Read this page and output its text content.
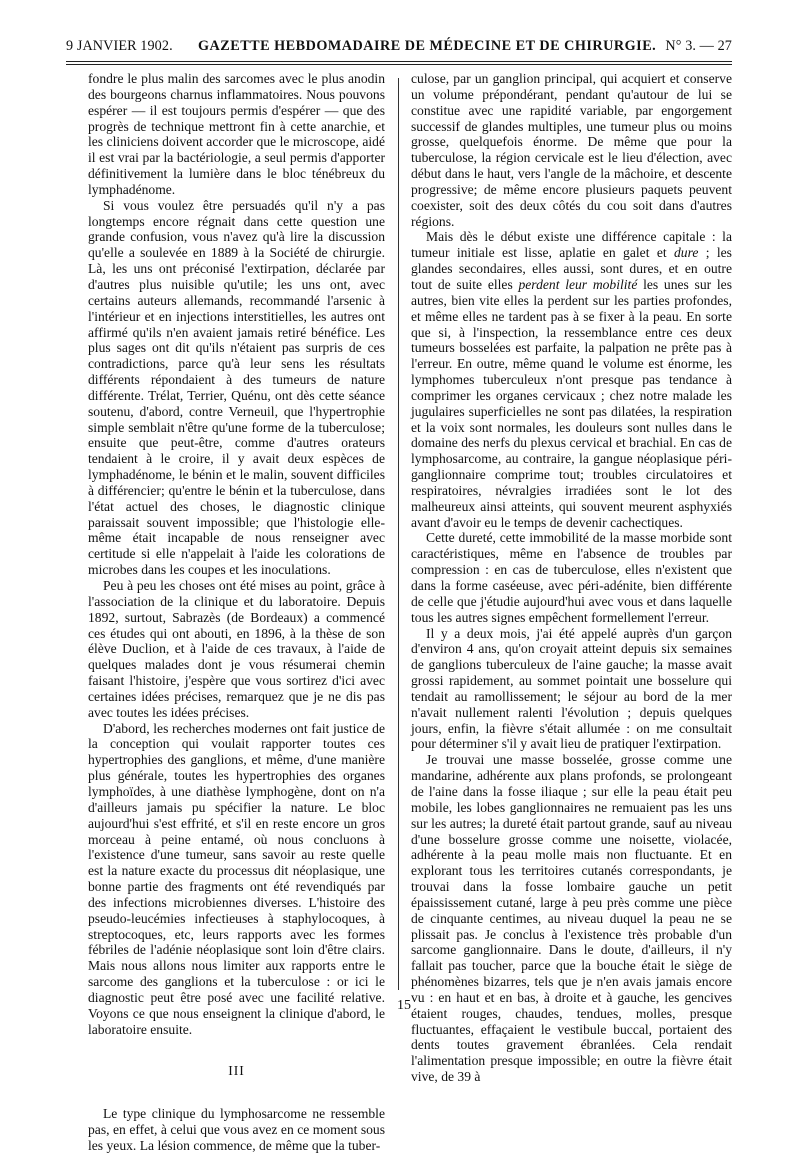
9 JANVIER 1902. GAZETTE HEBDOMADAIRE DE MÉDECINE ET DE CHIRURGIE. N° 3. — 27

fondre le plus malin des sarcomes avec le plus anodin des bourgeons charnus inflammatoires. Nous pouvons espérer — il est toujours permis d'espérer — que des progrès de technique mettront fin à cette anarchie, et les cliniciens doivent accorder que le microscope, aidé il est vrai par la bactériologie, a seul permis d'apporter définitivement la lumière dans le bloc ténébreux du lymphadénome.

Si vous voulez être persuadés qu'il n'y a pas longtemps encore régnait dans cette question une grande confusion, vous n'avez qu'à lire la discussion qu'elle a soulevée en 1889 à la Société de chirurgie. Là, les uns ont préconisé l'extirpation, déclarée par d'autres plus nuisible qu'utile; les uns ont, avec certains auteurs allemands, recommandé l'arsenic à l'intérieur et en injections interstitielles, les autres ont affirmé qu'ils n'en avaient jamais retiré bénéfice. Les plus sages ont dit qu'ils n'étaient pas surpris de ces contradictions, parce qu'à leur sens les résultats différents répondaient à des tumeurs de nature différente. Trélat, Terrier, Quénu, ont dès cette séance soutenu, d'abord, contre Verneuil, que l'hypertrophie simple semblait n'être qu'une forme de la tuberculose; ensuite que peut-être, comme d'autres orateurs tendaient à le croire, il y avait deux espèces de lymphadénome, le bénin et le malin, souvent difficiles à différencier; qu'entre le bénin et la tuberculose, dans l'état actuel des choses, le diagnostic clinique paraissait souvent impossible; que l'histologie elle-même était incapable de nous renseigner avec certitude si elle n'appelait à l'aide les colorations de microbes dans les coupes et les inoculations.

Peu à peu les choses ont été mises au point, grâce à l'association de la clinique et du laboratoire. Depuis 1892, surtout, Sabrazès (de Bordeaux) a commencé ces études qui ont abouti, en 1896, à la thèse de son élève Duclion, et à l'aide de ces travaux, à l'aide de quelques malades dont je vous résumerai chemin faisant l'histoire, j'espère que vous sortirez d'ici avec certaines idées précises, remarquez que je ne dis pas avec toutes les idées précises.

D'abord, les recherches modernes ont fait justice de la conception qui voulait rapporter toutes ces hypertrophies des ganglions, et même, d'une manière plus générale, toutes les hypertrophies des organes lymphoïdes, à une diathèse lymphogène, dont on n'a d'ailleurs jamais pu spécifier la nature. Le bloc aujourd'hui s'est effrité, et s'il en reste encore un gros morceau à peine entamé, où nous concluons à l'existence d'une tumeur, sans savoir au reste quelle est la nature exacte du processus dit néoplasique, une bonne partie des fragments ont été revendiqués par des infections microbiennes diverses. L'histoire des pseudo-leucémies infectieuses à staphylocoques, à streptocoques, etc, leurs rapports avec les formes fébriles de l'adénie néoplasique sont loin d'être clairs. Mais nous allons nous limiter aux rapports entre le sarcome des ganglions et la tuberculose : or ici le diagnostic peut être posé avec une facilité relative. Voyons ce que nous enseignent la clinique d'abord, le laboratoire ensuite.

III

Le type clinique du lymphosarcome ne ressemble pas, en effet, à celui que vous avez en ce moment sous les yeux. La lésion commence, de même que la tuber-

culose, par un ganglion principal, qui acquiert et conserve un volume prépondérant, pendant qu'autour de lui se constitue avec une rapidité variable, par engorgement successif de glandes multiples, une tumeur plus ou moins grosse, quelquefois énorme. De même que pour la tuberculose, la région cervicale est le lieu d'élection, avec début dans le haut, vers l'angle de la mâchoire, et descente progressive; de même encore plusieurs paquets peuvent coexister, soit des deux côtés du cou soit dans d'autres régions.

Mais dès le début existe une différence capitale : la tumeur initiale est lisse, aplatie en galet et dure ; les glandes secondaires, elles aussi, sont dures, et en outre tout de suite elles perdent leur mobilité les unes sur les autres, bien vite elles la perdent sur les parties profondes, et même elles ne tardent pas à se fixer à la peau. En sorte que si, à l'inspection, la ressemblance entre ces deux tumeurs bosselées est parfaite, la palpation ne prête pas à l'erreur. En outre, même quand le volume est énorme, les lymphomes tuberculeux n'ont presque pas tendance à comprimer les organes cervicaux ; chez notre malade les jugulaires superficielles ne sont pas dilatées, la respiration et la voix sont normales, les douleurs sont nulles dans le domaine des nerfs du plexus cervical et brachial. En cas de lymphosarcome, au contraire, la gangue néoplasique péri-ganglionnaire comprime tout; troubles circulatoires et respiratoires, névralgies irradiées sont le lot des malheureux ainsi atteints, qui souvent meurent asphyxiés avant d'avoir eu le temps de devenir cachectiques.

Cette dureté, cette immobilité de la masse morbide sont caractéristiques, même en l'absence de troubles par compression : en cas de tuberculose, elles n'existent que dans la forme caséeuse, avec péri-adénite, bien différente de celle que j'étudie aujourd'hui avec vous et dans laquelle tous les autres signes empêchent formellement l'erreur.

Il y a deux mois, j'ai été appelé auprès d'un garçon d'environ 4 ans, qu'on croyait atteint depuis six semaines de ganglions tuberculeux de l'aine gauche; la masse avait grossi rapidement, au sommet pointait une bosselure qui tendait au ramollissement; le séjour au bord de la mer n'avait nullement ralenti l'évolution ; depuis quelques jours, enfin, la fièvre s'était allumée : on me consultait pour déterminer s'il y avait lieu de pratiquer l'extirpation.

Je trouvai une masse bosselée, grosse comme une mandarine, adhérente aux plans profonds, se prolongeant de l'aine dans la fosse iliaque ; sur elle la peau était peu mobile, les lobes ganglionnaires ne remuaient pas les uns sur les autres; la dureté était partout grande, sauf au niveau d'une bosselure grosse comme une noisette, violacée, adhérente à la peau molle mais non fluctuante. Et en explorant tous les territoires cutanés correspondants, je trouvai dans la fosse lombaire gauche un petit épaississement cutané, large à peu près comme une pièce de cinquante centimes, au niveau duquel la peau ne se plissait pas. Je conclus à l'existence très probable d'un sarcome ganglionnaire. Dans le doute, d'ailleurs, il n'y fallait pas toucher, parce que la bouche était le siège de phénomènes bizarres, tels que je n'en avais jamais encore vu : en haut et en bas, à droite et à gauche, les gencives étaient rouges, chaudes, tendues, molles, presque fluctuantes, effaçaient le vestibule buccal, portaient des dents toutes gravement ébranlées. Cela rendait l'alimentation presque impossible; en outre la fièvre était vive, de 39 à

15
